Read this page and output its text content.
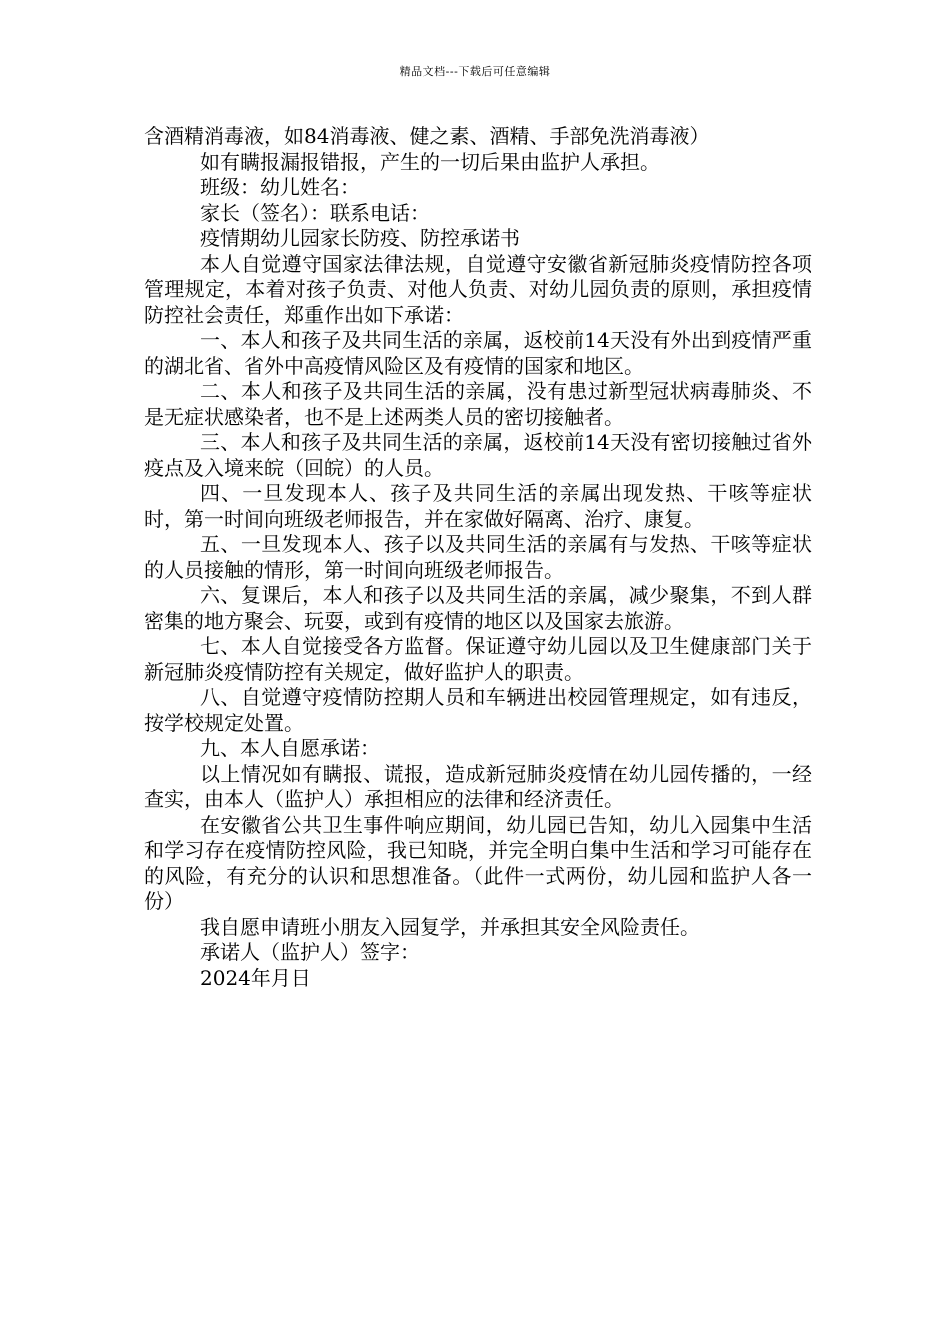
精品文档---下载后可任意编辑

含酒精消毒液，如84消毒液、健之素、酒精、手部免洗消毒液）

如有瞒报漏报错报，产生的一切后果由监护人承担。

班级：幼儿姓名：

家长（签名）：联系电话：

疫情期幼儿园家长防疫、防控承诺书

本人自觉遵守国家法律法规，自觉遵守安徽省新冠肺炎疫情防控各项管理规定，本着对孩子负责、对他人负责、对幼儿园负责的原则，承担疫情防控社会责任，郑重作出如下承诺：

一、本人和孩子及共同生活的亲属，返校前14天没有外出到疫情严重的湖北省、省外中高疫情风险区及有疫情的国家和地区。

二、本人和孩子及共同生活的亲属，没有患过新型冠状病毒肺炎、不是无症状感染者，也不是上述两类人员的密切接触者。

三、本人和孩子及共同生活的亲属，返校前14天没有密切接触过省外疫点及入境来皖（回皖）的人员。

四、一旦发现本人、孩子及共同生活的亲属出现发热、干咳等症状时，第一时间向班级老师报告，并在家做好隔离、治疗、康复。

五、一旦发现本人、孩子以及共同生活的亲属有与发热、干咳等症状的人员接触的情形，第一时间向班级老师报告。

六、复课后，本人和孩子以及共同生活的亲属，减少聚集，不到人群密集的地方聚会、玩耍，或到有疫情的地区以及国家去旅游。

七、本人自觉接受各方监督。保证遵守幼儿园以及卫生健康部门关于新冠肺炎疫情防控有关规定，做好监护人的职责。

八、自觉遵守疫情防控期人员和车辆进出校园管理规定，如有违反，按学校规定处置。

九、本人自愿承诺：

以上情况如有瞒报、谎报，造成新冠肺炎疫情在幼儿园传播的，一经查实，由本人（监护人）承担相应的法律和经济责任。

在安徽省公共卫生事件响应期间，幼儿园已告知，幼儿入园集中生活和学习存在疫情防控风险，我已知晓，并完全明白集中生活和学习可能存在的风险，有充分的认识和思想准备。（此件一式两份，幼儿园和监护人各一份）

我自愿申请班小朋友入园复学，并承担其安全风险责任。

承诺人（监护人）签字：

2024年月日
